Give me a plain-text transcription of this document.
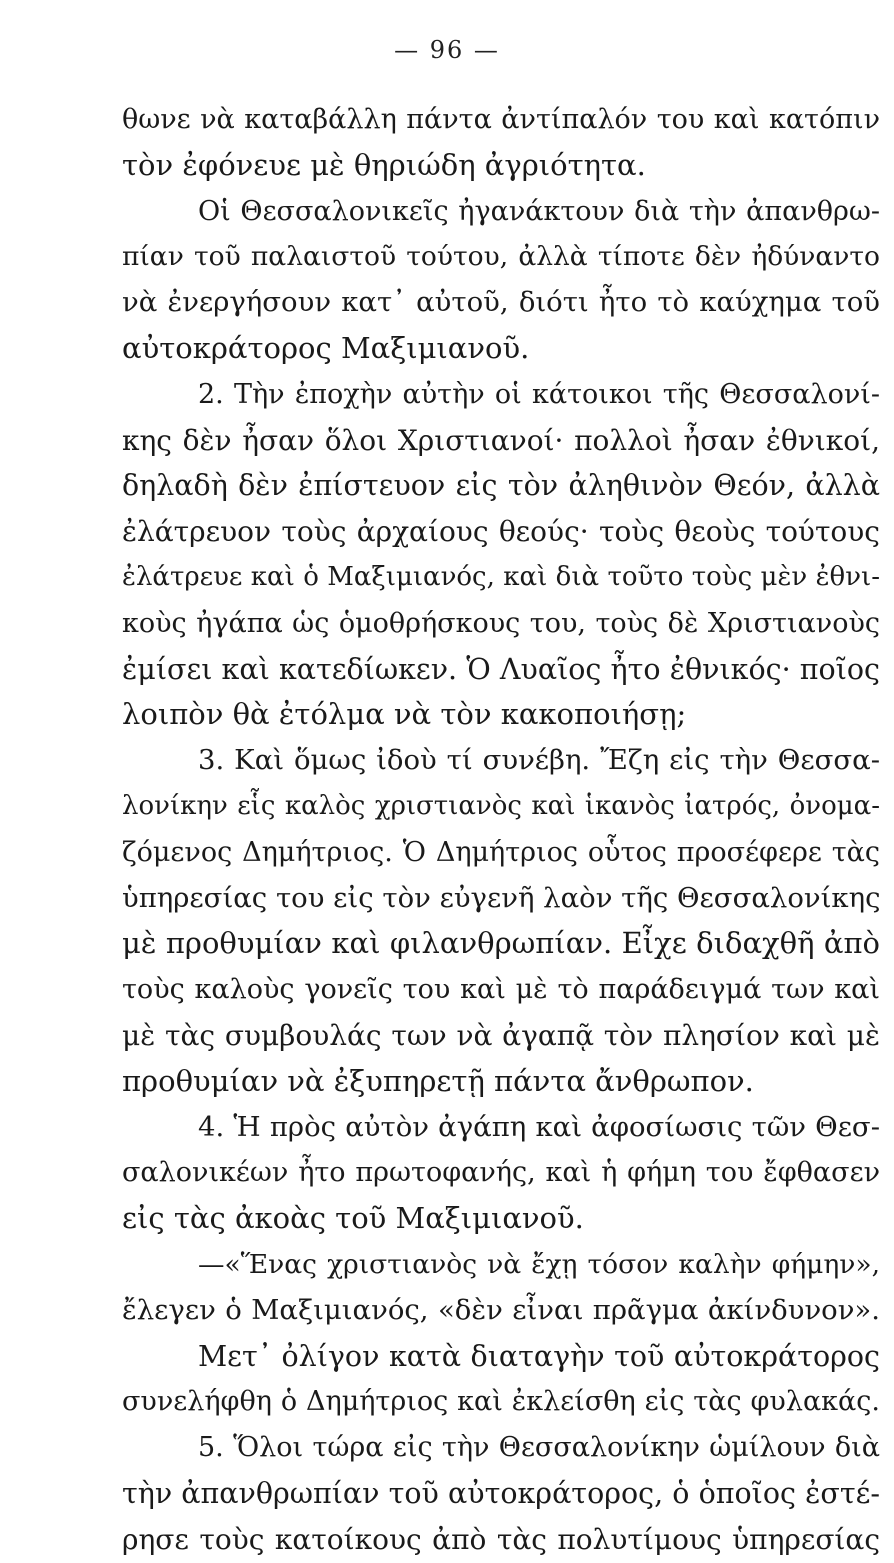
— 96 —
θωνε νὰ καταβάλλη πάντα ἀντίπαλόν του καὶ κατόπιν
τὸν ἐφόνευε μὲ θηριώδη ἀγριότητα.
Οἱ Θεσσαλονικεῖς ἠγανάκτουν διὰ τὴν ἀπανθρω-
πίαν τοῦ παλαιστοῦ τούτου, ἀλλὰ τίποτε δὲν ἠδύναντο
νὰ ἐνεργήσουν κατ᾽ αὐτοῦ, διότι ἦτο τὸ καύχημα τοῦ
αὐτοκράτορος Μαξιμιανοῦ.
2. Τὴν ἐποχὴν αὐτὴν οἱ κάτοικοι τῆς Θεσσαλονί-
κης δὲν ἦσαν ὅλοι Χριστιανοί· πολλοὶ ἦσαν ἐθνικοί,
δηλαδὴ δὲν ἐπίστευον εἰς τὸν ἀληθινὸν Θεόν, ἀλλὰ
ἐλάτρευον τοὺς ἀρχαίους θεούς· τοὺς θεοὺς τούτους
ἐλάτρευε καὶ ὁ Μαξιμιανός, καὶ διὰ τοῦτο τοὺς μὲν ἐθνι-
κοὺς ἠγάπα ὡς ὁμοθρήσκους του, τοὺς δὲ Χριστιανοὺς
ἐμίσει καὶ κατεδίωκεν. Ὁ Λυαῖος ἦτο ἐθνικός· ποῖος
λοιπὸν θὰ ἐτόλμα νὰ τὸν κακοποιήσῃ;
3. Καὶ ὅμως ἰδοὺ τί συνέβη. Ἔζη εἰς τὴν Θεσσα-
λονίκην εἷς καλὸς χριστιανὸς καὶ ἱκανὸς ἰατρός, ὀνομα-
ζόμενος Δημήτριος. Ὁ Δημήτριος οὗτος προσέφερε τὰς
ὑπηρεσίας του εἰς τὸν εὐγενῆ λαὸν τῆς Θεσσαλονίκης
μὲ προθυμίαν καὶ φιλανθρωπίαν. Εἶχε διδαχθῆ ἀπὸ
τοὺς καλοὺς γονεῖς του καὶ μὲ τὸ παράδειγμά των καὶ
μὲ τὰς συμβουλάς των νὰ ἀγαπᾷ τὸν πλησίον καὶ μὲ
προθυμίαν νὰ ἐξυπηρετῇ πάντα ἄνθρωπον.
4. Ἡ πρὸς αὐτὸν ἀγάπη καὶ ἀφοσίωσις τῶν Θεσ-
σαλονικέων ἦτο πρωτοφανής, καὶ ἡ φήμη του ἔφθασεν
εἰς τὰς ἀκοὰς τοῦ Μαξιμιανοῦ.
—«Ἕνας χριστιανὸς νὰ ἔχῃ τόσον καλὴν φήμην»,
ἔλεγεν ὁ Μαξιμιανός, «δὲν εἶναι πρᾶγμα ἀκίνδυνον».
Μετ᾽ ὀλίγον κατὰ διαταγὴν τοῦ αὐτοκράτορος
συνελήφθη ὁ Δημήτριος καὶ ἐκλείσθη εἰς τὰς φυλακάς.
5. Ὅλοι τώρα εἰς τὴν Θεσσαλονίκην ὡμίλουν διὰ
τὴν ἀπανθρωπίαν τοῦ αὐτοκράτορος, ὁ ὁποῖος ἐστέ-
ρησε τοὺς κατοίκους ἀπὸ τὰς πολυτίμους ὑπηρεσίας
